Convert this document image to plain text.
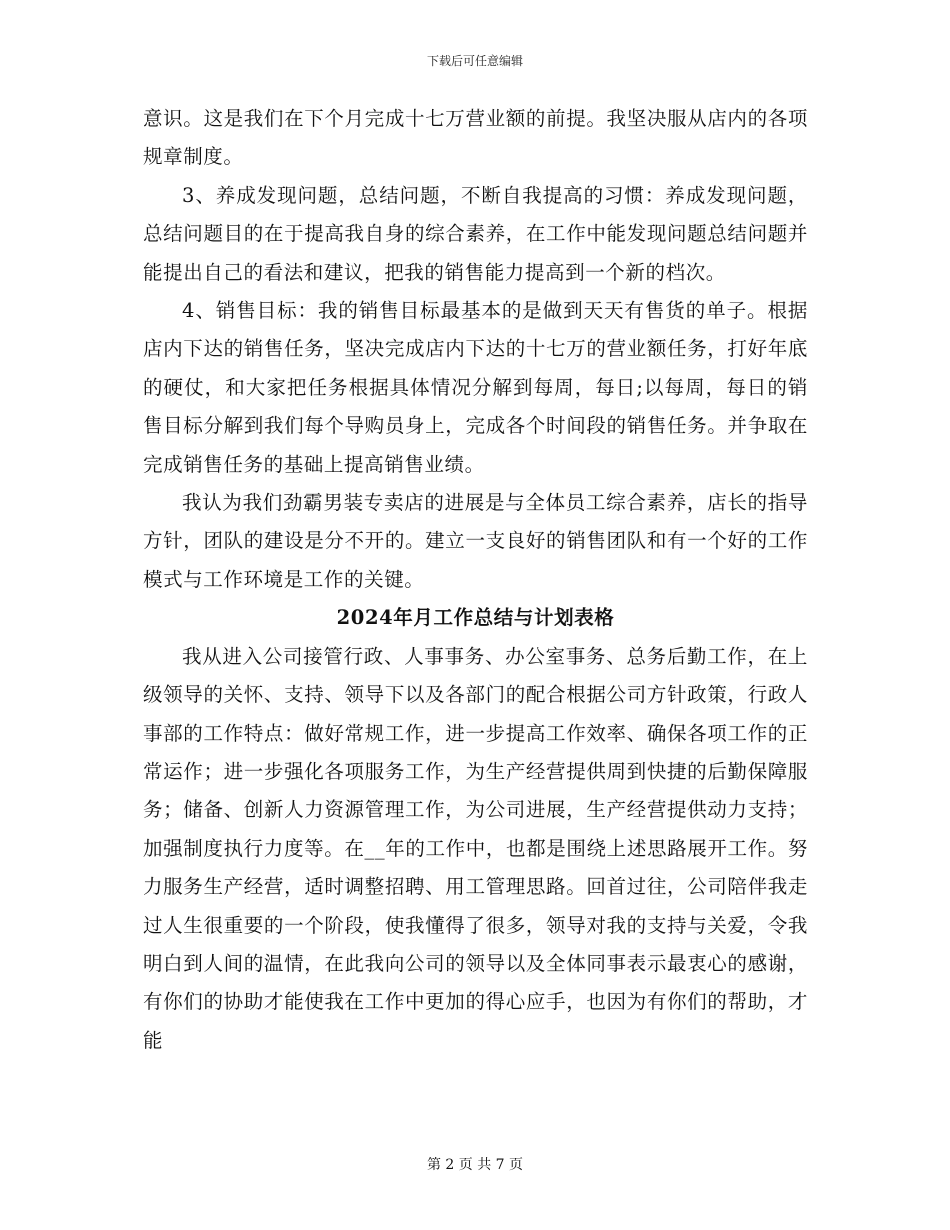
下载后可任意编辑

意识。这是我们在下个月完成十七万营业额的前提。我坚决服从店内的各项规章制度。

3、养成发现问题，总结问题，不断自我提高的习惯：养成发现问题，总结问题目的在于提高我自身的综合素养，在工作中能发现问题总结问题并能提出自己的看法和建议，把我的销售能力提高到一个新的档次。

4、销售目标：我的销售目标最基本的是做到天天有售货的单子。根据店内下达的销售任务，坚决完成店内下达的十七万的营业额任务，打好年底的硬仗，和大家把任务根据具体情况分解到每周，每日;以每周，每日的销售目标分解到我们每个导购员身上，完成各个时间段的销售任务。并争取在完成销售任务的基础上提高销售业绩。

我认为我们劲霸男装专卖店的进展是与全体员工综合素养，店长的指导方针，团队的建设是分不开的。建立一支良好的销售团队和有一个好的工作模式与工作环境是工作的关键。

2024年月工作总结与计划表格

我从进入公司接管行政、人事事务、办公室事务、总务后勤工作，在上级领导的关怀、支持、领导下以及各部门的配合根据公司方针政策，行政人事部的工作特点：做好常规工作，进一步提高工作效率、确保各项工作的正常运作；进一步强化各项服务工作，为生产经营提供周到快捷的后勤保障服务；储备、创新人力资源管理工作，为公司进展，生产经营提供动力支持；加强制度执行力度等。在__年的工作中，也都是围绕上述思路展开工作。努力服务生产经营，适时调整招聘、用工管理思路。回首过往，公司陪伴我走过人生很重要的一个阶段，使我懂得了很多，领导对我的支持与关爱，令我明白到人间的温情，在此我向公司的领导以及全体同事表示最衷心的感谢，有你们的协助才能使我在工作中更加的得心应手，也因为有你们的帮助，才能

第 2 页 共 7 页
